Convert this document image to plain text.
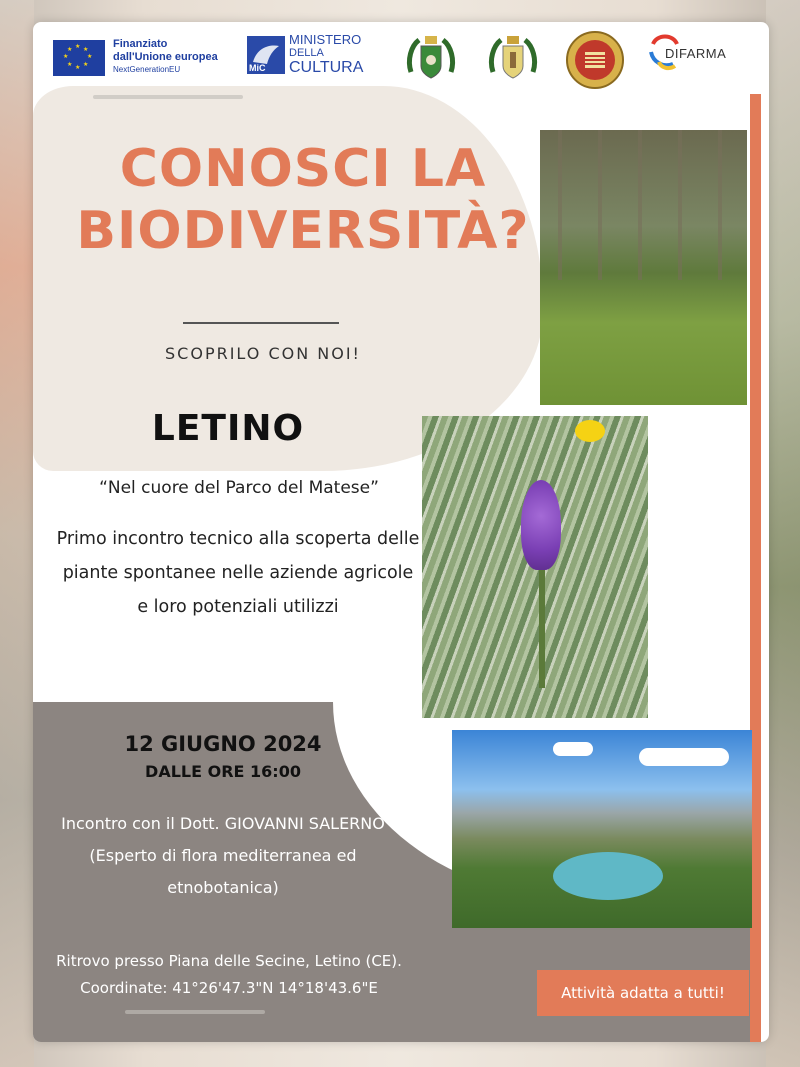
★ ★
★
★
★
★
★
★	Finanziato
dall'Unione europea
NextGenerationEU	MiC
MINISTERO
DELLA
CULTURA
DIFARMA
CONOSCI LA
BIODIVERSITÀ?
SCOPRILO CON NOI!
LETINO
“Nel cuore del Parco del Matese”
Primo incontro tecnico alla scoperta delle piante spontanee nelle aziende agricole e loro potenziali utilizzi
12 GIUGNO 2024
DALLE ORE 16:00
Incontro con il Dott. GIOVANNI SALERNO (Esperto di flora mediterranea ed etnobotanica)
Ritrovo presso Piana delle Secine, Letino (CE).
Coordinate: 41°26'47.3"N 14°18'43.6"E	Attività adatta a tutti!
